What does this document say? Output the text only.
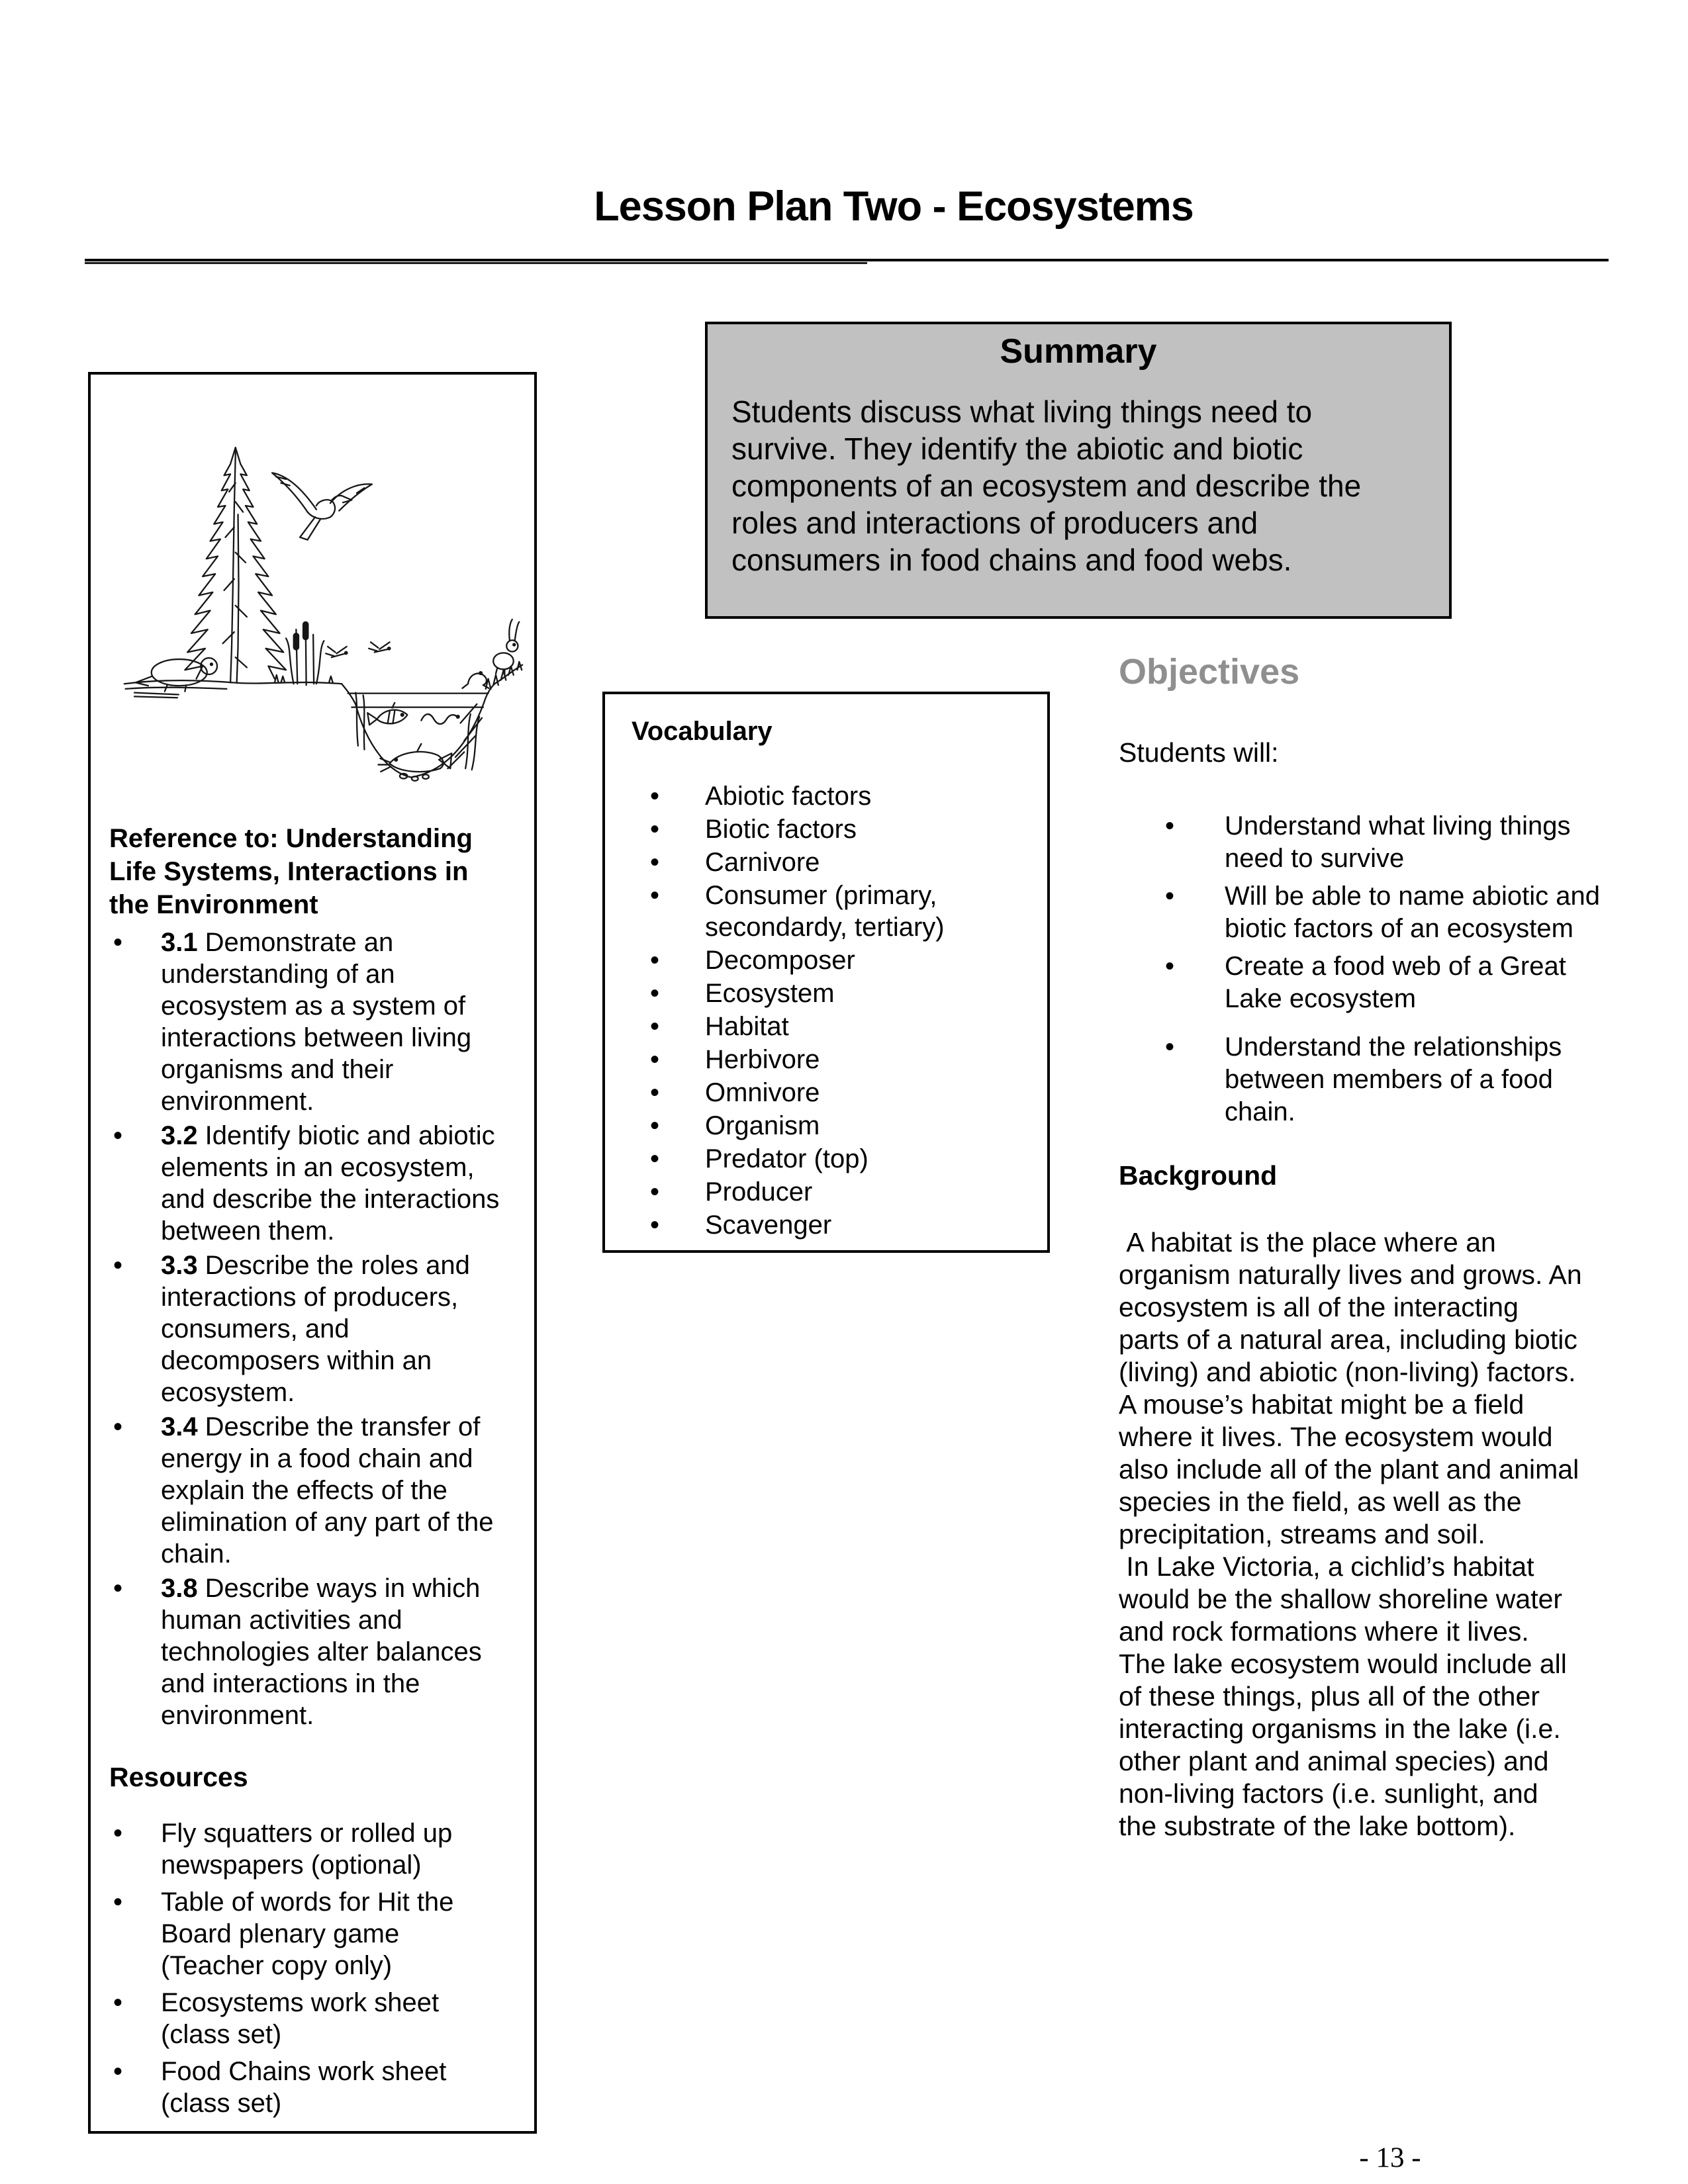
Lesson Plan Two - Ecosystems
Summary
Students discuss what living things need to survive. They identify the abiotic and biotic components of an ecosystem and describe the roles and interactions of producers and consumers in food chains and food webs.
Reference to: Understanding
Life Systems, Interactions in
the Environment
• 3.1 Demonstrate an understanding of an ecosystem as a system of interactions between living organisms and their environment.
• 3.2 Identify biotic and abiotic elements in an ecosystem, and describe the interactions between them.
• 3.3 Describe the roles and interactions of producers, consumers, and decomposers within an ecosystem.
• 3.4 Describe the transfer of energy in a food chain and explain the effects of the elimination of any part of the chain.
• 3.8 Describe ways in which human activities and technologies alter balances and interactions in the environment.
Resources
• Fly squatters or rolled up newspapers (optional)
• Table of words for Hit the Board plenary game (Teacher copy only)
• Ecosystems work sheet (class set)
• Food Chains work sheet (class set)
Vocabulary
• Abiotic factors
• Biotic factors
• Carnivore
• Consumer (primary, secondardy, tertiary)
• Decomposer
• Ecosystem
• Habitat
• Herbivore
• Omnivore
• Organism
• Predator (top)
• Producer
• Scavenger
Objectives
Students will:
• Understand what living things need to survive
• Will be able to name abiotic and biotic factors of an ecosystem
• Create a food web of a Great Lake ecosystem
• Understand the relationships between members of a food chain.
Background

A habitat is the place where an organism naturally lives and grows. An ecosystem is all of the interacting parts of a natural area, including biotic (living) and abiotic (non-living) factors.  A mouse’s habitat might be a field where it lives. The ecosystem would also include all of the plant and animal species in the field, as well as the precipitation, streams and soil.

In Lake Victoria, a cichlid’s habitat would be the shallow shoreline water and rock formations where it lives. The lake ecosystem would include all of these things, plus all of the other interacting organisms in the lake (i.e. other plant and animal species) and non-living factors (i.e. sunlight, and the substrate of the lake bottom).

- 13 -
